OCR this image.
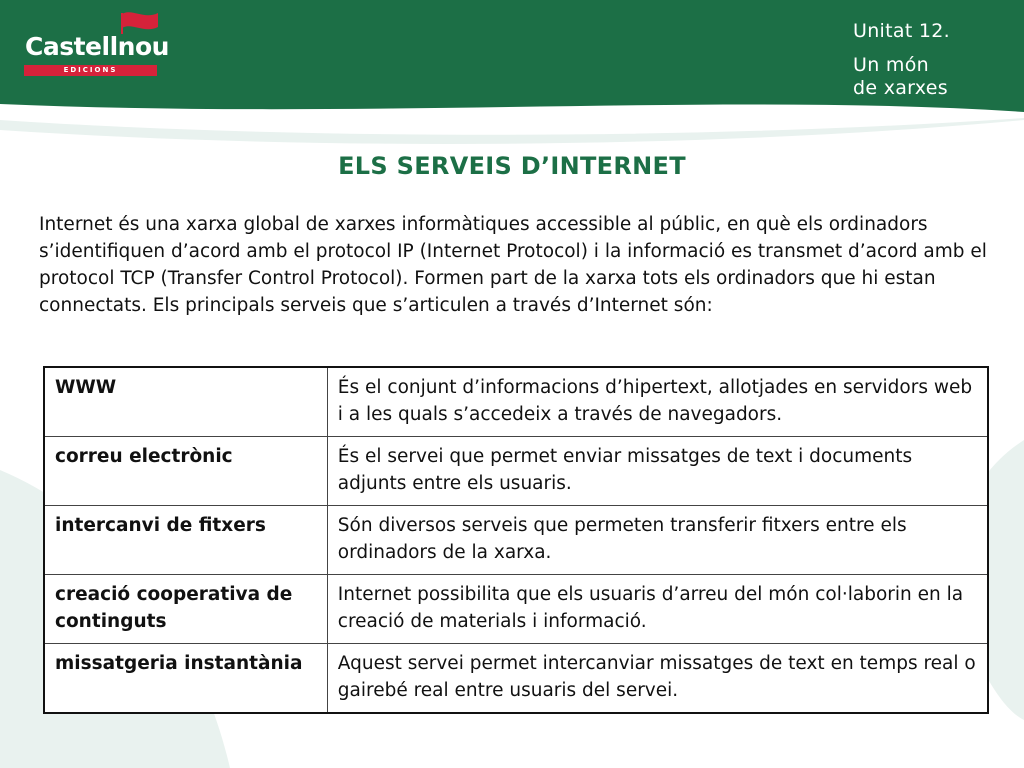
Castellnou
EDICIONS
Unitat 12.
Un món
de xarxes
ELS SERVEIS D’INTERNET

Internet és una xarxa global de xarxes informàtiques accessible al públic, en què els ordinadors s’identifiquen d’acord amb el protocol IP (Internet Protocol) i la informació es transmet d’acord amb el protocol TCP (Transfer Control Protocol). Formen part de la xarxa tots els ordinadors que hi estan connectats. Els principals serveis que s’articulen a través d’Internet són:

WWW	És el conjunt d’informacions d’hipertext, allotjades en servidors web i a les quals s’accedeix a través de navegadors.
correu electrònic	És el servei que permet enviar missatges de text i documents adjunts entre els usuaris.
intercanvi de fitxers	Són diversos serveis que permeten transferir fitxers entre els ordinadors de la xarxa.
creació cooperativa de continguts	Internet possibilita que els usuaris d’arreu del món col·laborin en la creació de materials i informació.
missatgeria instantània	Aquest servei permet intercanviar missatges de text en temps real o gairebé real entre usuaris del servei.
